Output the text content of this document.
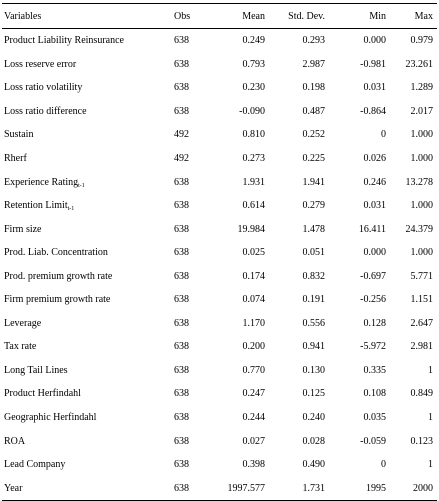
Variables	Obs	Mean	Std. Dev.	Min	Max
Product Liability Reinsurance	638	0.249	0.293	0.000	0.979
Loss reserve error	638	0.793	2.987	-0.981	23.261
Loss ratio volatility	638	0.230	0.198	0.031	1.289
Loss ratio difference	638	-0.090	0.487	-0.864	2.017
Sustain	492	0.810	0.252	0	1.000
Rherf	492	0.273	0.225	0.026	1.000
Experience Rating$_{t-1}$	638	1.931	1.941	0.246	13.278
Retention Limit$_{t-1}$	638	0.614	0.279	0.031	1.000
Firm size	638	19.984	1.478	16.411	24.379
Prod. Liab. Concentration	638	0.025	0.051	0.000	1.000
Prod. premium growth rate	638	0.174	0.832	-0.697	5.771
Firm premium growth rate	638	0.074	0.191	-0.256	1.151
Leverage	638	1.170	0.556	0.128	2.647
Tax rate	638	0.200	0.941	-5.972	2.981
Long Tail Lines	638	0.770	0.130	0.335	1
Product Herfindahl	638	0.247	0.125	0.108	0.849
Geographic Herfindahl	638	0.244	0.240	0.035	1
ROA	638	0.027	0.028	-0.059	0.123
Lead Company	638	0.398	0.490	0	1
Year	638	1997.577	1.731	1995	2000
